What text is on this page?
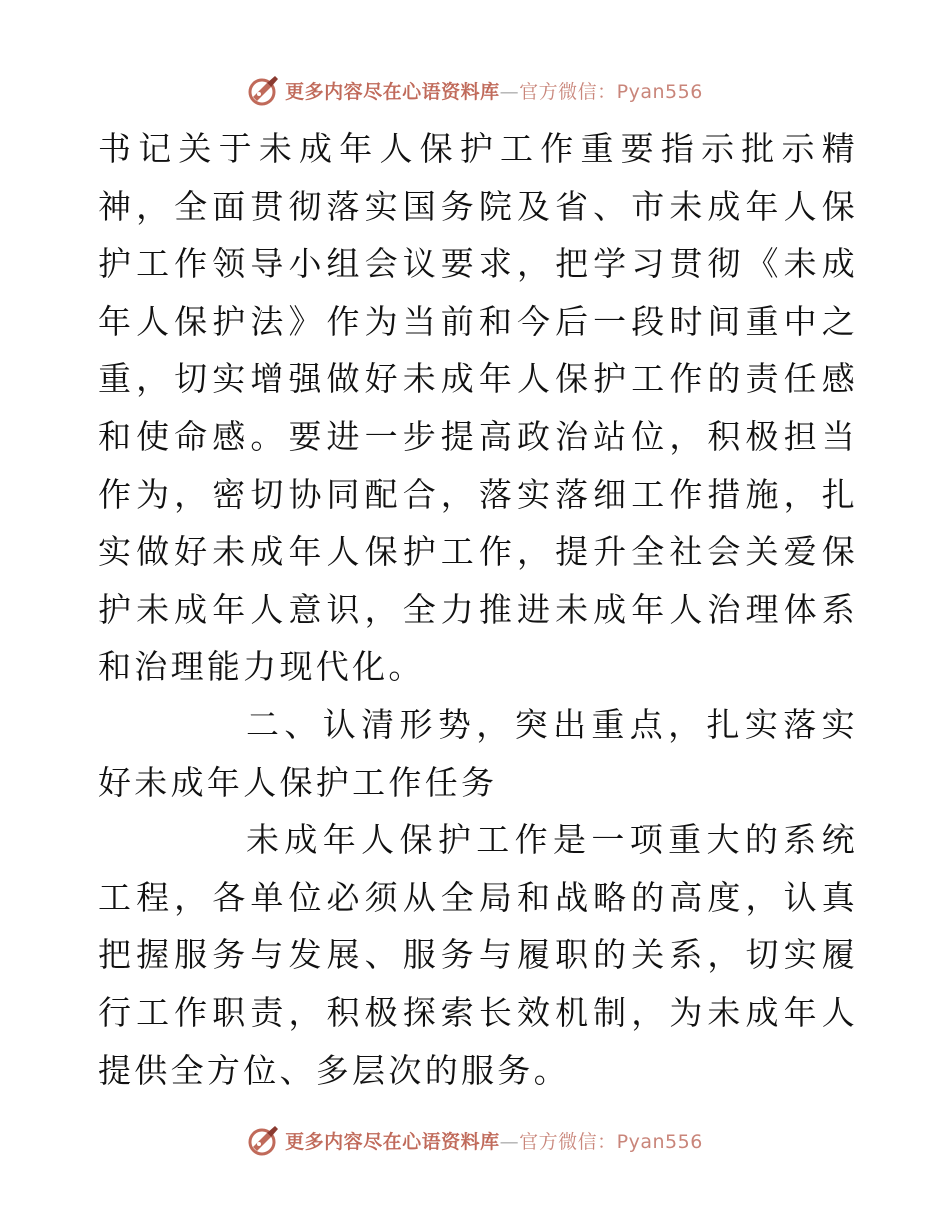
更多内容尽在心语资料库—官方微信：Pyan556

书记关于未成年人保护工作重要指示批示精神，全面贯彻落实国务院及省、市未成年人保护工作领导小组会议要求，把学习贯彻《未成年人保护法》作为当前和今后一段时间重中之重，切实增强做好未成年人保护工作的责任感和使命感。要进一步提高政治站位，积极担当作为，密切协同配合，落实落细工作措施，扎实做好未成年人保护工作，提升全社会关爱保护未成年人意识，全力推进未成年人治理体系和治理能力现代化。

二、认清形势，突出重点，扎实落实好未成年人保护工作任务

未成年人保护工作是一项重大的系统工程，各单位必须从全局和战略的高度，认真把握服务与发展、服务与履职的关系，切实履行工作职责，积极探索长效机制，为未成年人提供全方位、多层次的服务。

更多内容尽在心语资料库—官方微信：Pyan556
